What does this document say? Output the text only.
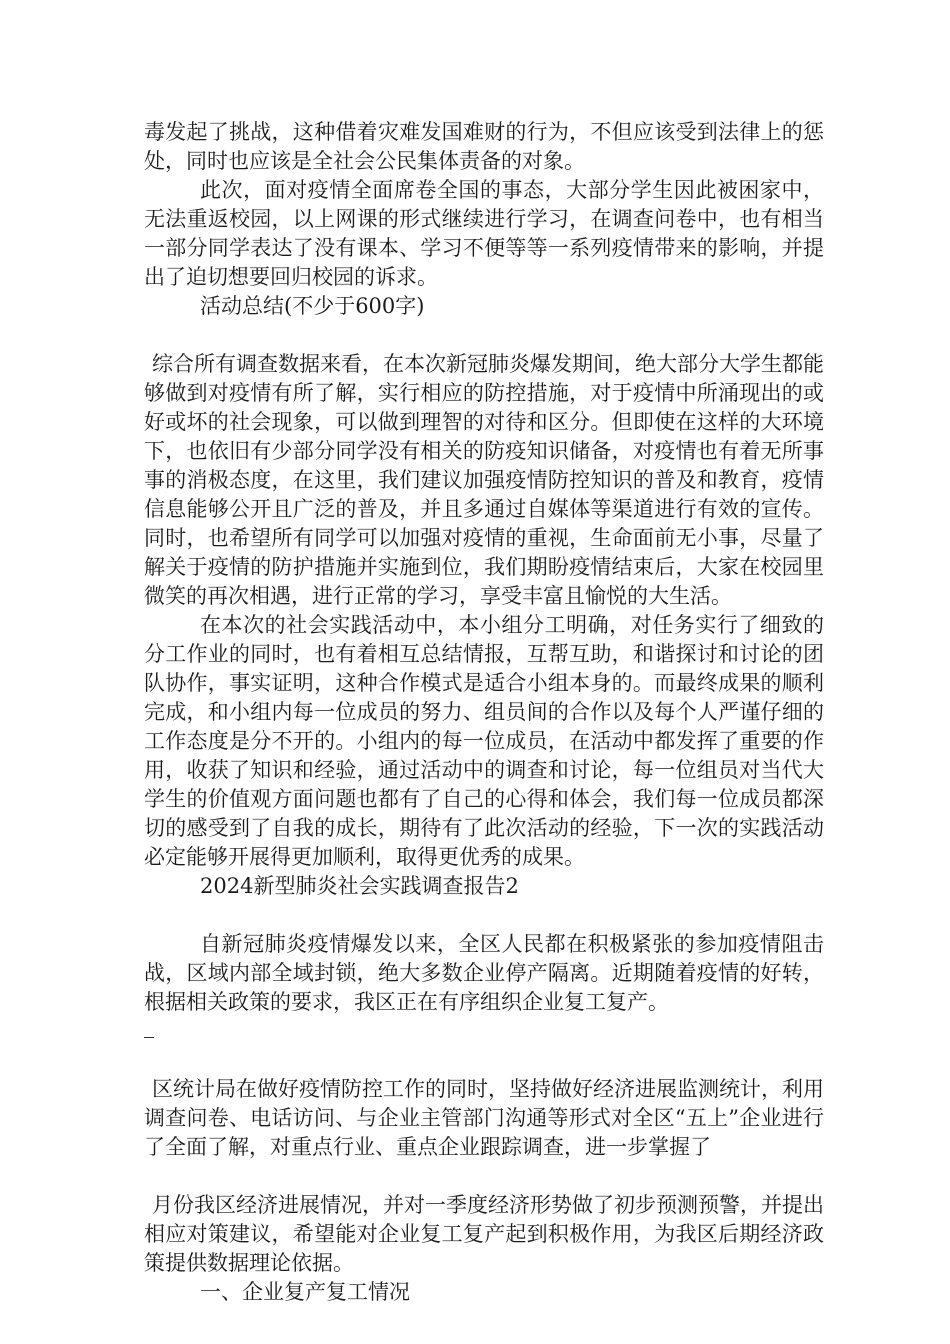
毒发起了挑战，这种借着灾难发国难财的行为，不但应该受到法律上的惩处，同时也应该是全社会公民集体责备的对象。

此次，面对疫情全面席卷全国的事态，大部分学生因此被困家中，无法重返校园，以上网课的形式继续进行学习，在调查问卷中，也有相当一部分同学表达了没有课本、学习不便等等一系列疫情带来的影响，并提出了迫切想要回归校园的诉求。

活动总结(不少于600字)

综合所有调查数据来看，在本次新冠肺炎爆发期间，绝大部分大学生都能够做到对疫情有所了解，实行相应的防控措施，对于疫情中所涌现出的或好或坏的社会现象，可以做到理智的对待和区分。但即使在这样的大环境下，也依旧有少部分同学没有相关的防疫知识储备，对疫情也有着无所事事的消极态度，在这里，我们建议加强疫情防控知识的普及和教育，疫情信息能够公开且广泛的普及，并且多通过自媒体等渠道进行有效的宣传。同时，也希望所有同学可以加强对疫情的重视，生命面前无小事，尽量了解关于疫情的防护措施并实施到位，我们期盼疫情结束后，大家在校园里微笑的再次相遇，进行正常的学习，享受丰富且愉悦的大生活。

在本次的社会实践活动中，本小组分工明确，对任务实行了细致的分工作业的同时，也有着相互总结情报，互帮互助，和谐探讨和讨论的团队协作，事实证明，这种合作模式是适合小组本身的。而最终成果的顺利完成，和小组内每一位成员的努力、组员间的合作以及每个人严谨仔细的工作态度是分不开的。小组内的每一位成员，在活动中都发挥了重要的作用，收获了知识和经验，通过活动中的调查和讨论，每一位组员对当代大学生的价值观方面问题也都有了自己的心得和体会，我们每一位成员都深切的感受到了自我的成长，期待有了此次活动的经验，下一次的实践活动必定能够开展得更加顺利，取得更优秀的成果。

2024新型肺炎社会实践调查报告2

自新冠肺炎疫情爆发以来，全区人民都在积极紧张的参加疫情阻击战，区域内部全域封锁，绝大多数企业停产隔离。近期随着疫情的好转，根据相关政策的要求，我区正在有序组织企业复工复产。

区统计局在做好疫情防控工作的同时，坚持做好经济进展监测统计，利用调查问卷、电话访问、与企业主管部门沟通等形式对全区“五上”企业进行了全面了解，对重点行业、重点企业跟踪调查，进一步掌握了

月份我区经济进展情况，并对一季度经济形势做了初步预测预警，并提出相应对策建议，希望能对企业复工复产起到积极作用，为我区后期经济政策提供数据理论依据。

一、企业复产复工情况
